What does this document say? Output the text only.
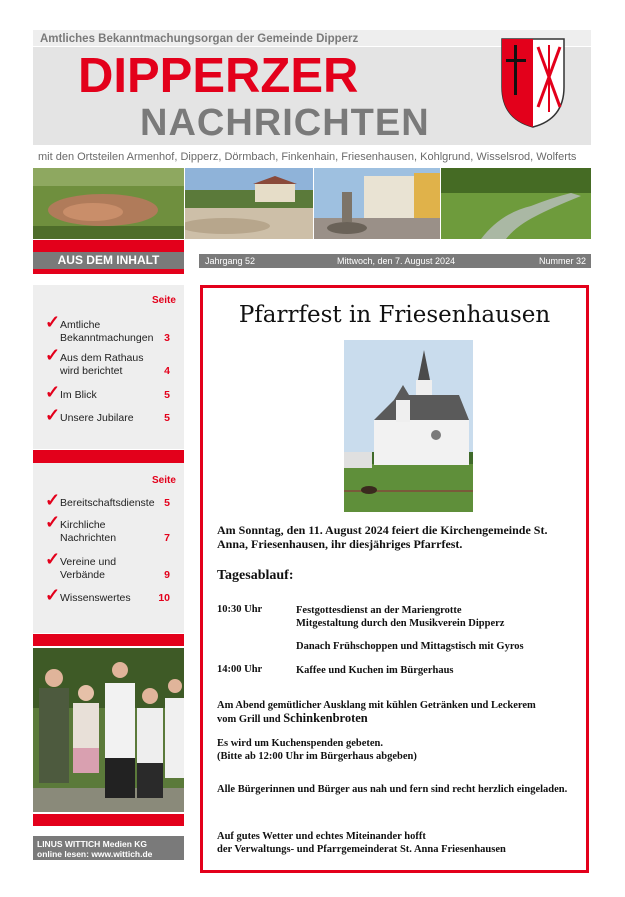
Amtliches Bekanntmachungsorgan der Gemeinde Dipperz
DIPPERZER
NACHRICHTEN
mit den Ortsteilen Armenhof, Dipperz, Dörmbach, Finkenhain, Friesenhausen, Kohlgrund, Wisselsrod, Wolferts
AUS DEM INHALT
Seite
✓ Amtliche Bekanntmachungen 3
✓ Aus dem Rathaus wird berichtet	4
✓ Im Blick	5
✓ Unsere Jubilare	5
Seite
✓ Bereitschaftsdienste 5
✓ Kirchliche Nachrichten	7
✓ Vereine und Verbände	9
✓ Wissenswertes	10
LINUS WITTICH Medien KG
online lesen: www.wittich.de
Jahrgang 52	Mittwoch, den 7. August 2024	Nummer 32
Pfarrfest in Friesenhausen
Am Sonntag, den 11. August 2024 feiert die Kirchengemeinde St. Anna, Friesenhausen, ihr diesjähriges Pfarrfest.
Tagesablauf:
10:30 Uhr	Festgottesdienst an der Mariengrotte
Mitgestaltung durch den Musikverein Dipperz
Danach Frühschoppen und Mittagstisch mit Gyros
14:00 Uhr	Kaffee und Kuchen im Bürgerhaus
Am Abend gemütlicher Ausklang mit kühlen Getränken und Leckerem
vom Grill und Schinkenbroten
Es wird um Kuchenspenden gebeten.
(Bitte ab 12:00 Uhr im Bürgerhaus abgeben)
Alle Bürgerinnen und Bürger aus nah und fern sind recht herzlich eingeladen.
Auf gutes Wetter und echtes Miteinander hofft
der Verwaltungs- und Pfarrgemeinderat St. Anna Friesenhausen
